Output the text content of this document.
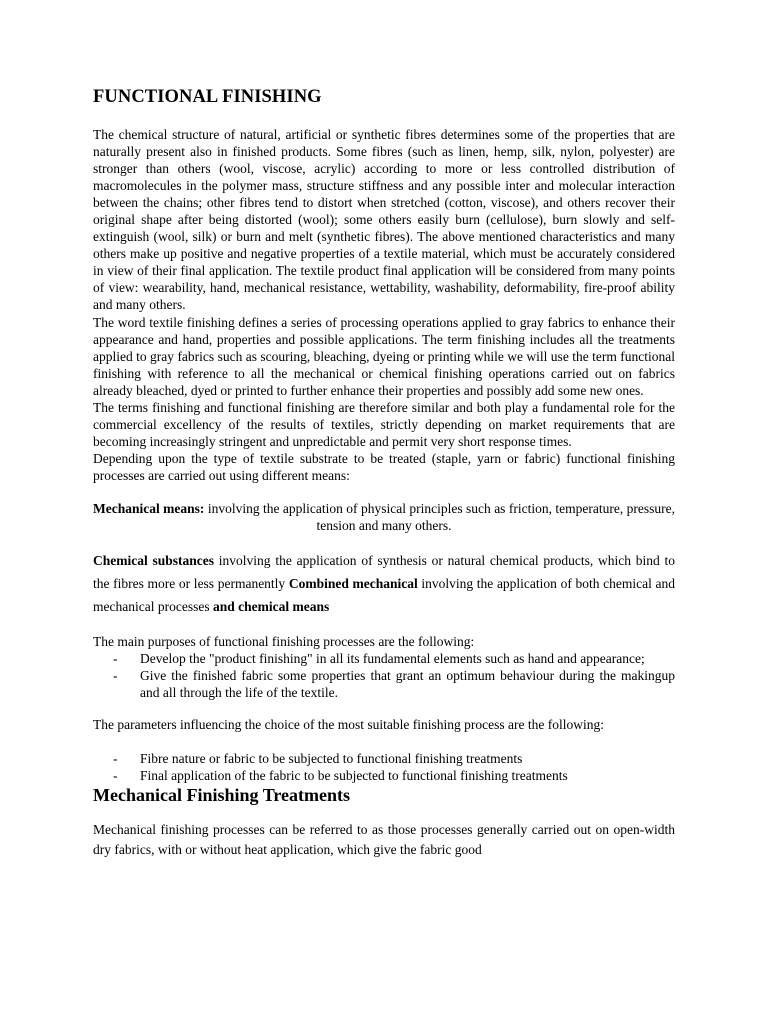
FUNCTIONAL FINISHING

The chemical structure of natural, artificial or synthetic fibres determines some of the properties that are naturally present also in finished products. Some fibres (such as linen, hemp, silk, nylon, polyester) are stronger than others (wool, viscose, acrylic) according to more or less controlled distribution of macromolecules in the polymer mass, structure stiffness and any possible inter and molecular interaction between the chains; other fibres tend to distort when stretched (cotton, viscose), and others recover their original shape after being distorted (wool); some others easily burn (cellulose), burn slowly and self-extinguish (wool, silk) or burn and melt (synthetic fibres). The above mentioned characteristics and many others make up positive and negative properties of a textile material, which must be accurately considered in view of their final application. The textile product final application will be considered from many points of view: wearability, hand, mechanical resistance, wettability, washability, deformability, fire-proof ability and many others.

The word textile finishing defines a series of processing operations applied to gray fabrics to enhance their appearance and hand, properties and possible applications. The term finishing includes all the treatments applied to gray fabrics such as scouring, bleaching, dyeing or printing while we will use the term functional finishing with reference to all the mechanical or chemical finishing operations carried out on fabrics already bleached, dyed or printed to further enhance their properties and possibly add some new ones.

The terms finishing and functional finishing are therefore similar and both play a fundamental role for the commercial excellency of the results of textiles, strictly depending on market requirements that are becoming increasingly stringent and unpredictable and permit very short response times.

Depending upon the type of textile substrate to be treated (staple, yarn or fabric) functional finishing processes are carried out using different means:

Mechanical means: involving the application of physical principles such as friction, temperature, pressure, tension and many others.

Chemical substances involving the application of synthesis or natural chemical products, which bind to the fibres more or less permanently Combined mechanical involving the application of both chemical and mechanical processes and chemical means

The main purposes of functional finishing processes are the following:

- Develop the "product finishing" in all its fundamental elements such as hand and appearance;
- Give the finished fabric some properties that grant an optimum behaviour during the makingup and all through the life of the textile.

The parameters influencing the choice of the most suitable finishing process are the following:

- Fibre nature or fabric to be subjected to functional finishing treatments
- Final application of the fabric to be subjected to functional finishing treatments
Mechanical Finishing Treatments

Mechanical finishing processes can be referred to as those processes generally carried out on open-width dry fabrics, with or without heat application, which give the fabric good
